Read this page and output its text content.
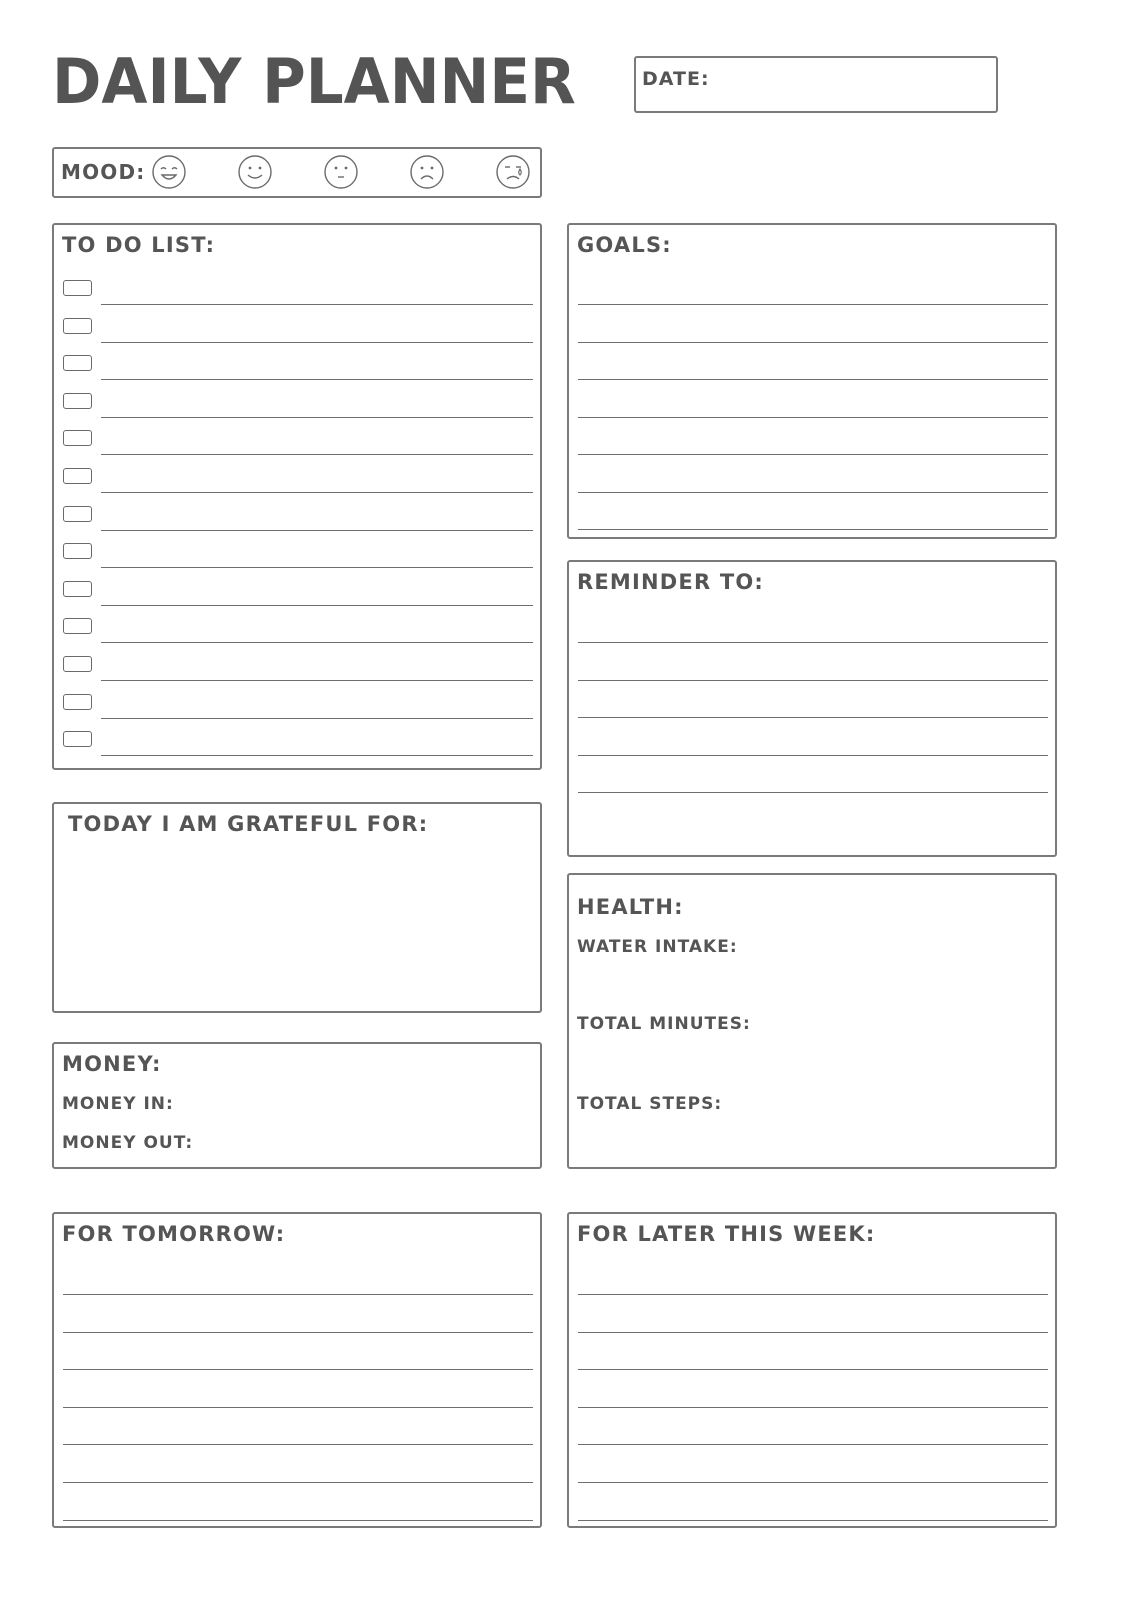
DAILY PLANNER	DATE:
MOOD:
TO DO LIST:	GOALS:
REMINDER TO:
TODAY I AM GRATEFUL FOR:
HEALTH:
WATER INTAKE:
TOTAL MINUTES:
TOTAL STEPS:
MONEY:
MONEY IN:
MONEY OUT:
FOR TOMORROW:	FOR LATER THIS WEEK:
